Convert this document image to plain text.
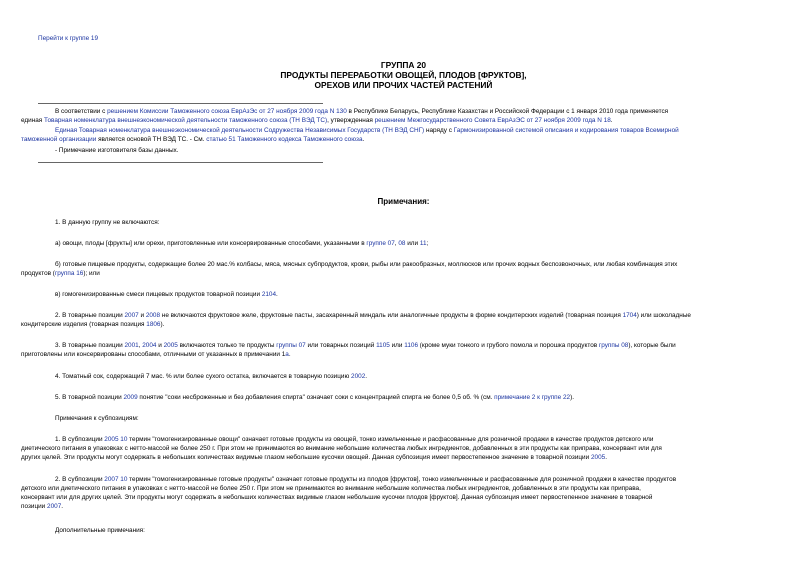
Перейти к группе 19
ГРУППА 20
ПРОДУКТЫ ПЕРЕРАБОТКИ ОВОЩЕЙ, ПЛОДОВ [ФРУКТОВ],
ОРЕХОВ ИЛИ ПРОЧИХ ЧАСТЕЙ РАСТЕНИЙ
В соответствии с решением Комиссии Таможенного союза ЕврАзЭс от 27 ноября 2009 года N 130 в Республике Беларусь, Республике Казахстан и Российской Федерации с 1 января 2010 года применяется
единая Товарная номенклатура внешнеэкономической деятельности таможенного союза (ТН ВЭД ТС), утвержденная решением Межгосударственного Совета ЕврАзЭС от 27 ноября 2009 года N 18.
Единая Товарная номенклатура внешнеэкономической деятельности Содружества Независимых Государств (ТН ВЭД СНГ) наряду с Гармонизированной системой описания и кодирования товаров Всемирной
таможенной организации является основой ТН ВЭД ТС. - См. статью 51 Таможенного кодекса Таможенного союза.
- Примечание изготовителя базы данных.
Примечания:
1. В данную группу не включаются:
а) овощи, плоды [фрукты] или орехи, приготовленные или консервированные способами, указанными в группе 07, 08 или 11;
б) готовые пищевые продукты, содержащие более 20 мас.% колбасы, мяса, мясных субпродуктов, крови, рыбы или ракообразных, моллюсков или прочих водных беспозвоночных, или любая комбинация этих
продуктов (группа 16); или
в) гомогенизированные смеси пищевых продуктов товарной позиции 2104.
2. В товарные позиции 2007 и 2008 не включаются фруктовое желе, фруктовые пасты, засахаренный миндаль или аналогичные продукты в форме кондитерских изделий (товарная позиция 1704) или шоколадные
кондитерские изделия (товарная позиция 1806).
3. В товарные позиции 2001, 2004 и 2005 включаются только те продукты группы 07 или товарных позиций 1105 или 1106 (кроме муки тонкого и грубого помола и порошка продуктов группы 08), которые были
приготовлены или консервированы способами, отличными от указанных в примечании 1а.
4. Томатный сок, содержащий 7 мас. % или более сухого остатка, включается в товарную позицию 2002.
5. В товарной позиции 2009 понятие "соки несброженные и без добавления спирта" означает соки с концентрацией спирта не более 0,5 об. % (см. примечание 2 к группе 22).
Примечания к субпозициям:
1. В субпозиции 2005 10 термин "гомогенизированные овощи" означает готовые продукты из овощей, тонко измельченные и расфасованные для розничной продажи в качестве продуктов детского или
диетического питания в упаковках с нетто-массой не более 250 г. При этом не принимаются во внимание небольшие количества любых ингредиентов, добавленных в эти продукты как приправа, консервант или для
других целей. Эти продукты могут содержать в небольших количествах видимые глазом небольшие кусочки овощей. Данная субпозиция имеет первостепенное значение в товарной позиции 2005.
2. В субпозиции 2007 10 термин "гомогенизированные готовые продукты" означает готовые продукты из плодов [фруктов], тонко измельченные и расфасованные для розничной продажи в качестве продуктов
детского или диетического питания в упаковках с нетто-массой не более 250 г. При этом не принимаются во внимание небольшие количества любых ингредиентов, добавленных в эти продукты как приправа,
консервант или для других целей. Эти продукты могут содержать в небольших количествах видимые глазом небольшие кусочки плодов [фруктов]. Данная субпозиция имеет первостепенное значение в товарной
позиции 2007.
Дополнительные примечания:
